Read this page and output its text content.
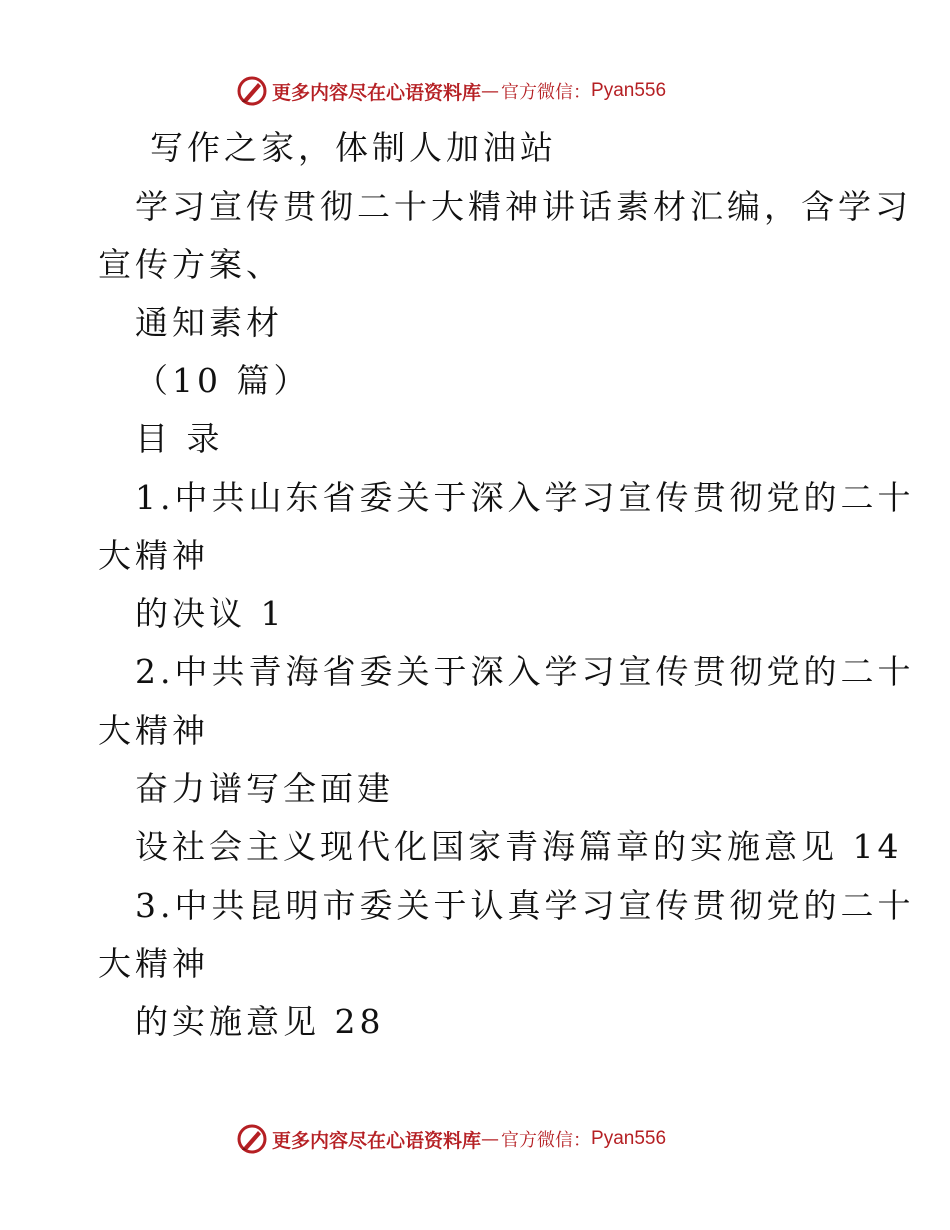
更多内容尽在心语资料库 — 官方微信： Pyan556
写作之家，体制人加油站
学习宣传贯彻二十大精神讲话素材汇编，含学习
宣传方案、
通知素材
（10 篇）
目 录
1.中共山东省委关于深入学习宣传贯彻党的二十
大精神
的决议 1
2.中共青海省委关于深入学习宣传贯彻党的二十
大精神
奋力谱写全面建
设社会主义现代化国家青海篇章的实施意见 14
3.中共昆明市委关于认真学习宣传贯彻党的二十
大精神
的实施意见 28
更多内容尽在心语资料库 — 官方微信： Pyan556
